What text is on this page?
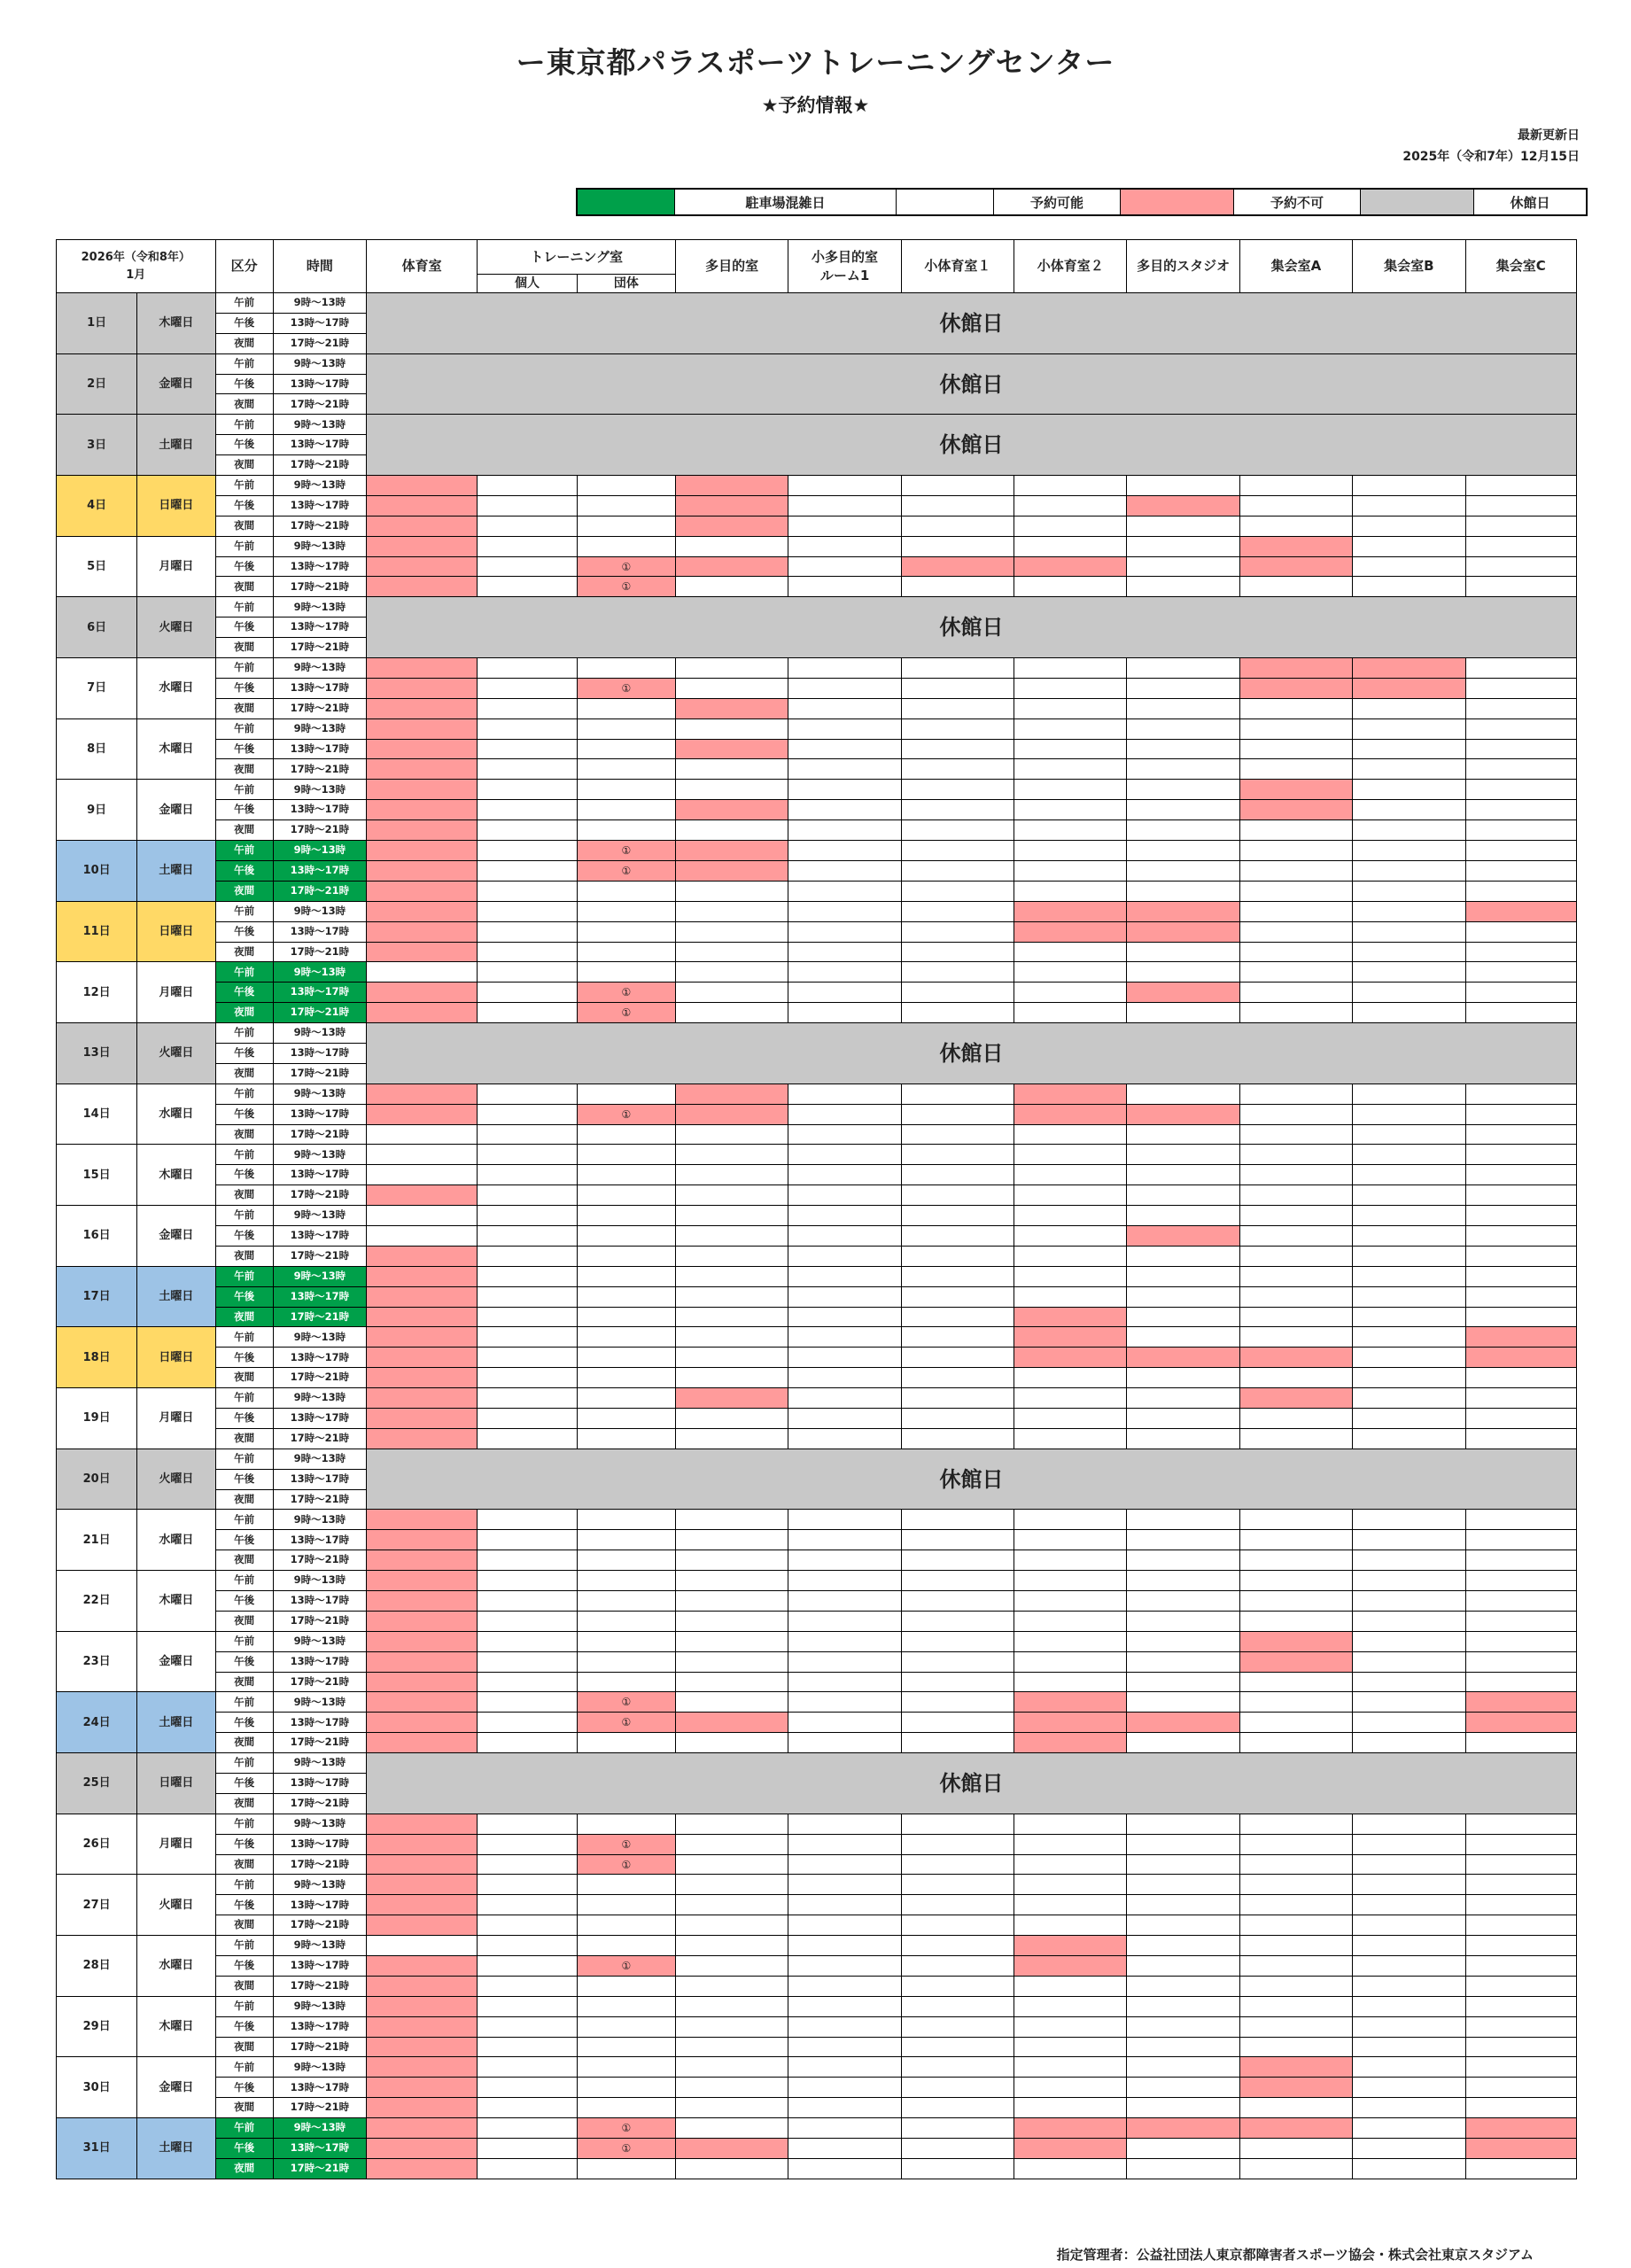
ー東京都パラスポーツトレーニングセンター
★予約情報★
最新更新日
2025年（令和7年）12月15日
駐車場混雑日	予約可能	予約不可	休館日
2026年（令和8年）
1月		区分	時間	体育室	トレーニング室		多目的室	小多目的室
ルーム1	小体育室１	小体育室２	多目的スタジオ	集会室A	集会室B	集会室C
					個人	団体								
1日	木曜日	午前	9時～13時	休館日										
		午後	13時～17時											
		夜間	17時～21時											
2日	金曜日	午前	9時～13時	休館日										
		午後	13時～17時											
		夜間	17時～21時											
3日	土曜日	午前	9時～13時	休館日										
		午後	13時～17時											
		夜間	17時～21時											
4日	日曜日	午前	9時～13時											
		午後	13時～17時											
		夜間	17時～21時											
5日	月曜日	午前	9時～13時											
		午後	13時～17時			①								
		夜間	17時～21時			①								
6日	火曜日	午前	9時～13時	休館日										
		午後	13時～17時											
		夜間	17時～21時											
7日	水曜日	午前	9時～13時											
		午後	13時～17時			①								
		夜間	17時～21時											
8日	木曜日	午前	9時～13時											
		午後	13時～17時											
		夜間	17時～21時											
9日	金曜日	午前	9時～13時											
		午後	13時～17時											
		夜間	17時～21時											
10日	土曜日	午前	9時～13時			①								
		午後	13時～17時			①								
		夜間	17時～21時											
11日	日曜日	午前	9時～13時											
		午後	13時～17時											
		夜間	17時～21時											
12日	月曜日	午前	9時～13時											
		午後	13時～17時			①								
		夜間	17時～21時			①								
13日	火曜日	午前	9時～13時	休館日										
		午後	13時～17時											
		夜間	17時～21時											
14日	水曜日	午前	9時～13時											
		午後	13時～17時			①								
		夜間	17時～21時											
15日	木曜日	午前	9時～13時											
		午後	13時～17時											
		夜間	17時～21時											
16日	金曜日	午前	9時～13時											
		午後	13時～17時											
		夜間	17時～21時											
17日	土曜日	午前	9時～13時											
		午後	13時～17時											
		夜間	17時～21時											
18日	日曜日	午前	9時～13時											
		午後	13時～17時											
		夜間	17時～21時											
19日	月曜日	午前	9時～13時											
		午後	13時～17時											
		夜間	17時～21時											
20日	火曜日	午前	9時～13時	休館日										
		午後	13時～17時											
		夜間	17時～21時											
21日	水曜日	午前	9時～13時											
		午後	13時～17時											
		夜間	17時～21時											
22日	木曜日	午前	9時～13時											
		午後	13時～17時											
		夜間	17時～21時											
23日	金曜日	午前	9時～13時											
		午後	13時～17時											
		夜間	17時～21時											
24日	土曜日	午前	9時～13時			①								
		午後	13時～17時			①								
		夜間	17時～21時											
25日	日曜日	午前	9時～13時	休館日										
		午後	13時～17時											
		夜間	17時～21時											
26日	月曜日	午前	9時～13時											
		午後	13時～17時			①								
		夜間	17時～21時			①								
27日	火曜日	午前	9時～13時											
		午後	13時～17時											
		夜間	17時～21時											
28日	水曜日	午前	9時～13時											
		午後	13時～17時			①								
		夜間	17時～21時											
29日	木曜日	午前	9時～13時											
		午後	13時～17時											
		夜間	17時～21時											
30日	金曜日	午前	9時～13時											
		午後	13時～17時											
		夜間	17時～21時											
31日	土曜日	午前	9時～13時			①								
		午後	13時～17時			①								
		夜間	17時～21時											
指定管理者：公益社団法人東京都障害者スポーツ協会・株式会社東京スタジアム
